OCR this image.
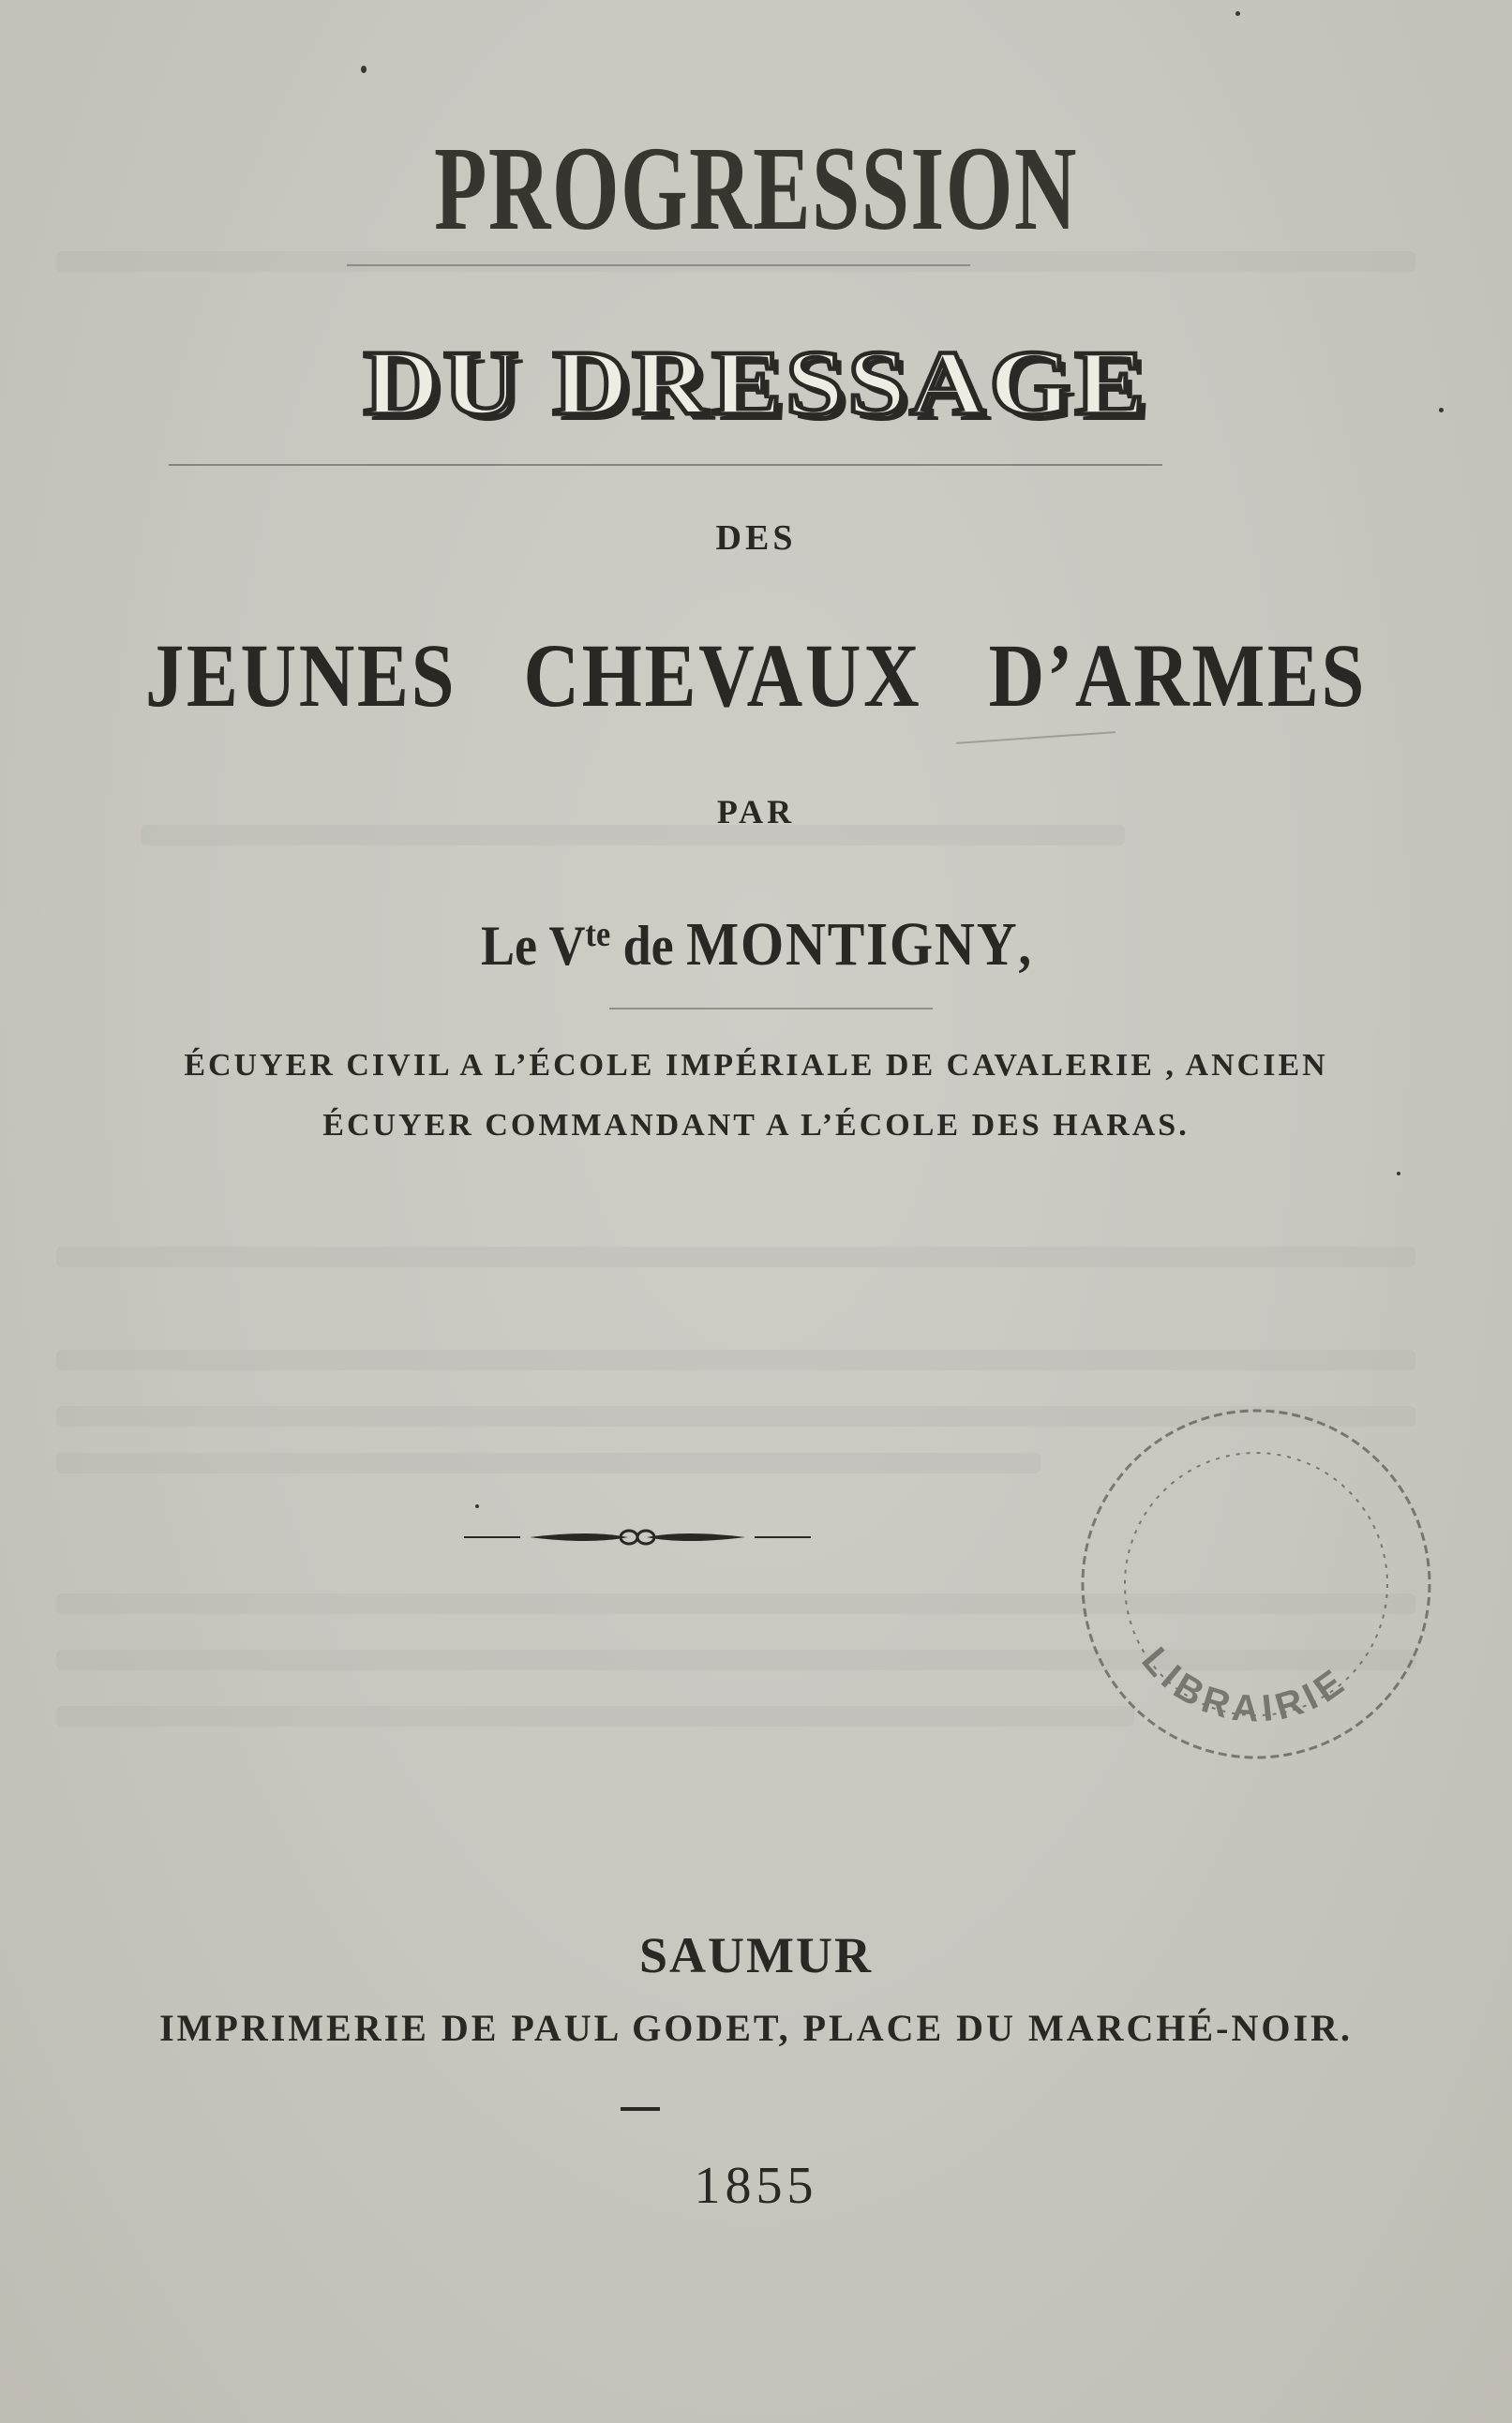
PROGRESSION
DU DRESSAGE
DES
JEUNES CHEVAUX D’ARMES
PAR
Le $V^{te}$ de MONTIGNY,
ÉCUYER CIVIL A L’ÉCOLE IMPÉRIALE DE CAVALERIE , ANCIEN
ÉCUYER COMMANDANT A L’ÉCOLE DES HARAS.
LIBRAIRIE
SAUMUR
IMPRIMERIE DE PAUL GODET, PLACE DU MARCHÉ-NOIR.
1855
